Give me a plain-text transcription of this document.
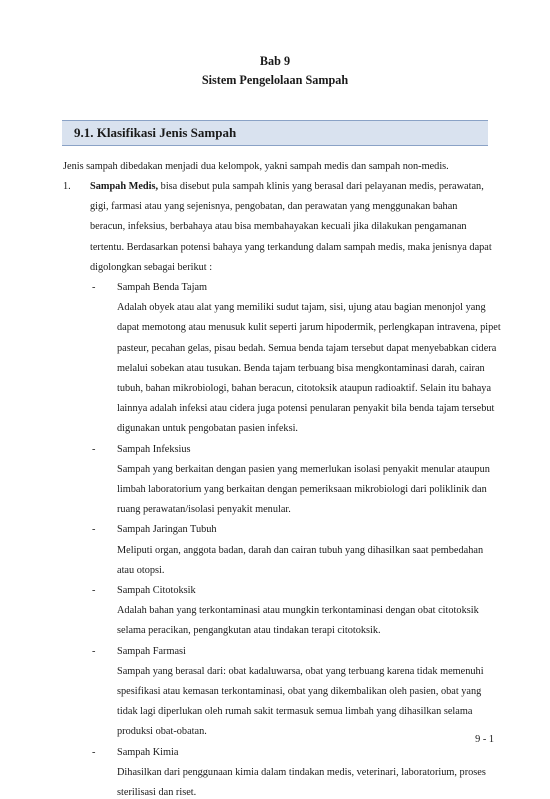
Bab 9
Sistem Pengelolaan Sampah
9.1. Klasifikasi Jenis Sampah
Jenis sampah dibedakan menjadi dua kelompok, yakni sampah medis dan sampah non-medis.
1. Sampah Medis, bisa disebut pula sampah klinis yang berasal dari pelayanan medis, perawatan,
gigi, farmasi atau yang sejenisnya, pengobatan, dan perawatan yang menggunakan bahan
beracun, infeksius, berbahaya atau bisa membahayakan kecuali jika dilakukan pengamanan
tertentu. Berdasarkan potensi bahaya yang terkandung dalam sampah medis, maka jenisnya dapat
digolongkan sebagai berikut :
- Sampah Benda Tajam
Adalah obyek atau alat yang memiliki sudut tajam, sisi, ujung atau bagian menonjol yang
dapat memotong atau menusuk kulit seperti jarum hipodermik, perlengkapan intravena, pipet
pasteur, pecahan gelas, pisau bedah. Semua benda tajam tersebut dapat menyebabkan cidera
melalui sobekan atau tusukan. Benda tajam terbuang bisa mengkontaminasi darah, cairan
tubuh, bahan mikrobiologi, bahan beracun, citotoksik ataupun radioaktif. Selain itu bahaya
lainnya adalah infeksi atau cidera juga potensi penularan penyakit bila benda tajam tersebut
digunakan untuk pengobatan pasien infeksi.
- Sampah Infeksius
Sampah yang berkaitan dengan pasien yang memerlukan isolasi penyakit menular ataupun
limbah laboratorium yang berkaitan dengan pemeriksaan mikrobiologi dari poliklinik dan
ruang perawatan/isolasi penyakit menular.
- Sampah Jaringan Tubuh
Meliputi organ, anggota badan, darah dan cairan tubuh yang dihasilkan saat pembedahan
atau otopsi.
- Sampah Citotoksik
Adalah bahan yang terkontaminasi atau mungkin terkontaminasi dengan obat citotoksik
selama peracikan, pengangkutan atau tindakan terapi citotoksik.
- Sampah Farmasi
Sampah yang berasal dari: obat kadaluwarsa, obat yang terbuang karena tidak memenuhi
spesifikasi atau kemasan terkontaminasi, obat yang dikembalikan oleh pasien, obat yang
tidak lagi diperlukan oleh rumah sakit termasuk semua limbah yang dihasilkan selama
produksi obat-obatan.
- Sampah Kimia
Dihasilkan dari penggunaan kimia dalam tindakan medis, veterinari, laboratorium, proses
sterilisasi dan riset.
9 - 1
